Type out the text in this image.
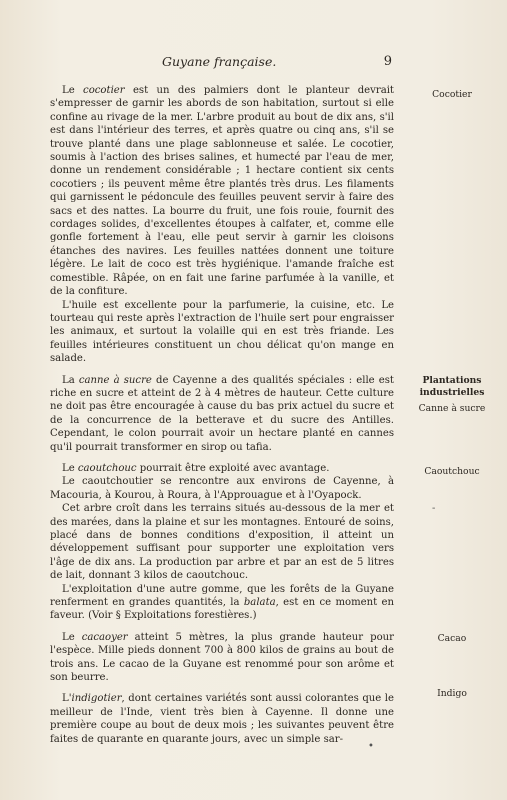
Guyane française.	9

Le cocotier est un des palmiers dont le planteur devrait s'empresser de garnir les abords de son habitation, surtout si elle confine au rivage de la mer. L'arbre produit au bout de dix ans, s'il est dans l'intérieur des terres, et après quatre ou cinq ans, s'il se trouve planté dans une plage sablonneuse et salée. Le cocotier, soumis à l'action des brises salines, et humecté par l'eau de mer, donne un rendement considérable ; 1 hectare contient six cents cocotiers ; ils peuvent même être plantés très drus. Les filaments qui garnissent le pédoncule des feuilles peuvent servir à faire des sacs et des nattes. La bourre du fruit, une fois rouie, fournit des cordages solides, d'excellentes étoupes à calfater, et, comme elle gonfle fortement à l'eau, elle peut servir à garnir les cloisons étanches des navires. Les feuilles nattées donnent une toiture légère. Le lait de coco est très hygiénique. l'amande fraîche est comestible. Râpée, on en fait une farine parfumée à la vanille, et de la confiture.

L'huile est excellente pour la parfumerie, la cuisine, etc. Le tourteau qui reste après l'extraction de l'huile sert pour engraisser les animaux, et surtout la volaille qui en est très friande. Les feuilles intérieures constituent un chou délicat qu'on mange en salade.

La canne à sucre de Cayenne a des qualités spéciales : elle est riche en sucre et atteint de 2 à 4 mètres de hauteur. Cette culture ne doit pas être encouragée à cause du bas prix actuel du sucre et de la concurrence de la betterave et du sucre des Antilles. Cependant, le colon pourrait avoir un hectare planté en cannes qu'il pourrait transformer en sirop ou tafia.

Le caoutchouc pourrait être exploité avec avantage.

Le caoutchoutier se rencontre aux environs de Cayenne, à Macouria, à Kourou, à Roura, à l'Approuague et à l'Oyapock.

Cet arbre croît dans les terrains situés au-dessous de la mer et des marées, dans la plaine et sur les montagnes. Entouré de soins, placé dans de bonnes conditions d'exposition, il atteint un développement suffisant pour supporter une exploitation vers l'âge de dix ans. La production par arbre et par an est de 5 litres de lait, donnant 3 kilos de caoutchouc.

L'exploitation d'une autre gomme, que les forêts de la Guyane renferment en grandes quantités, la balata, est en ce moment en faveur. (Voir § Exploitations forestières.)

Le cacaoyer atteint 5 mètres, la plus grande hauteur pour l'espèce. Mille pieds donnent 700 à 800 kilos de grains au bout de trois ans. Le cacao de la Guyane est renommé pour son arôme et son beurre.

L'indigotier, dont certaines variétés sont aussi colorantes que le meilleur de l'Inde, vient très bien à Cayenne. Il donne une première coupe au bout de deux mois ; les suivantes peuvent être faites de quarante en quarante jours, avec un simple sar-

Cocotier
Plantations industrielles
Canne à sucre
Caoutchouc
Cacao
Indigo
-
•
